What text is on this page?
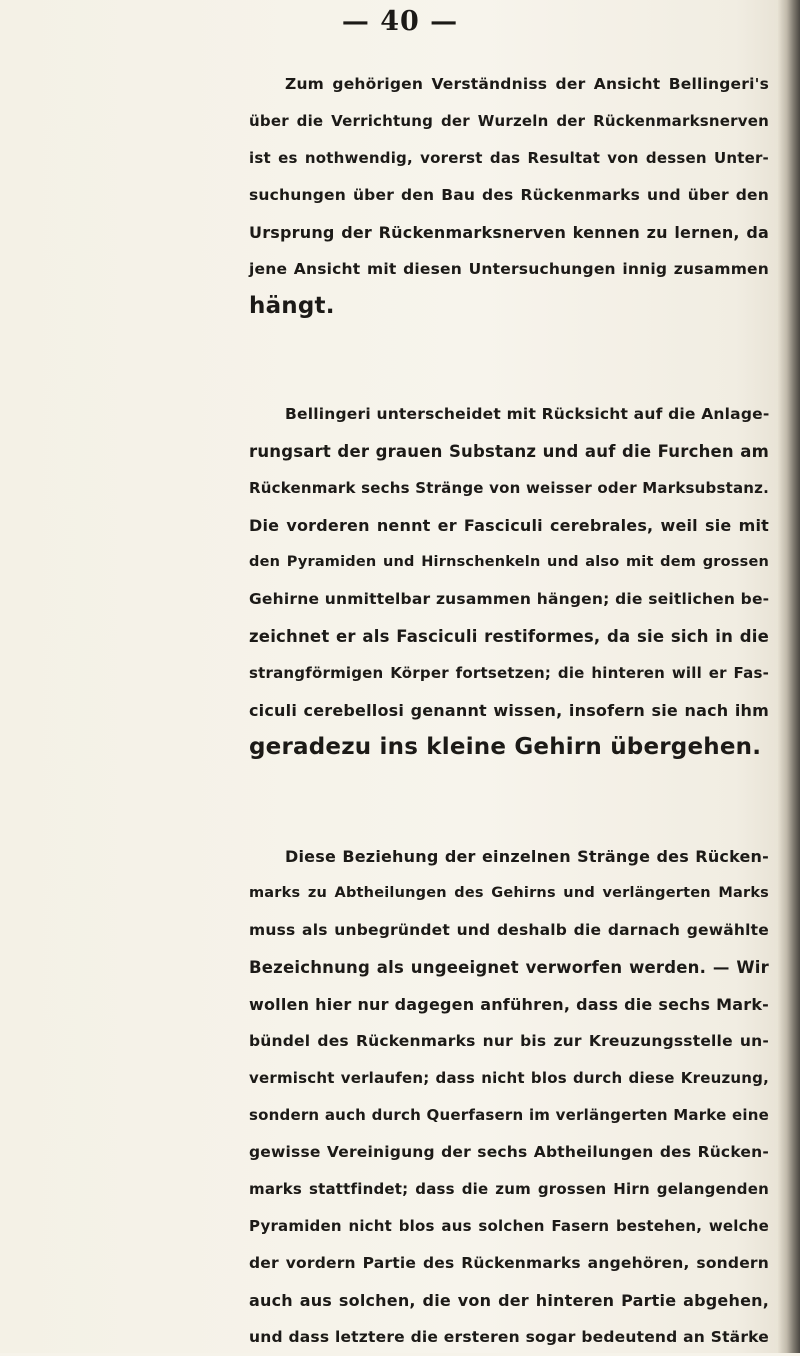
— 40 —
Zum gehörigen Verständniss der Ansicht Bellingeri's
über die Verrichtung der Wurzeln der Rückenmarksnerven
ist es nothwendig, vorerst das Resultat von dessen Unter-
suchungen über den Bau des Rückenmarks und über den
Ursprung der Rückenmarksnerven kennen zu lernen, da
jene Ansicht mit diesen Untersuchungen innig zusammen
hängt.
Bellingeri unterscheidet mit Rücksicht auf die Anlage-
rungsart der grauen Substanz und auf die Furchen am
Rückenmark sechs Stränge von weisser oder Marksubstanz.
Die vorderen nennt er Fasciculi cerebrales, weil sie mit
den Pyramiden und Hirnschenkeln und also mit dem grossen
Gehirne unmittelbar zusammen hängen; die seitlichen be-
zeichnet er als Fasciculi restiformes, da sie sich in die
strangförmigen Körper fortsetzen; die hinteren will er Fas-
ciculi cerebellosi genannt wissen, insofern sie nach ihm
geradezu ins kleine Gehirn übergehen.
Diese Beziehung der einzelnen Stränge des Rücken-
marks zu Abtheilungen des Gehirns und verlängerten Marks
muss als unbegründet und deshalb die darnach gewählte
Bezeichnung als ungeeignet verworfen werden. — Wir
wollen hier nur dagegen anführen, dass die sechs Mark-
bündel des Rückenmarks nur bis zur Kreuzungsstelle un-
vermischt verlaufen; dass nicht blos durch diese Kreuzung,
sondern auch durch Querfasern im verlängerten Marke eine
gewisse Vereinigung der sechs Abtheilungen des Rücken-
marks stattfindet; dass die zum grossen Hirn gelangenden
Pyramiden nicht blos aus solchen Fasern bestehen, welche
der vordern Partie des Rückenmarks angehören, sondern
auch aus solchen, die von der hinteren Partie abgehen,
und dass letztere die ersteren sogar bedeutend an Stärke
